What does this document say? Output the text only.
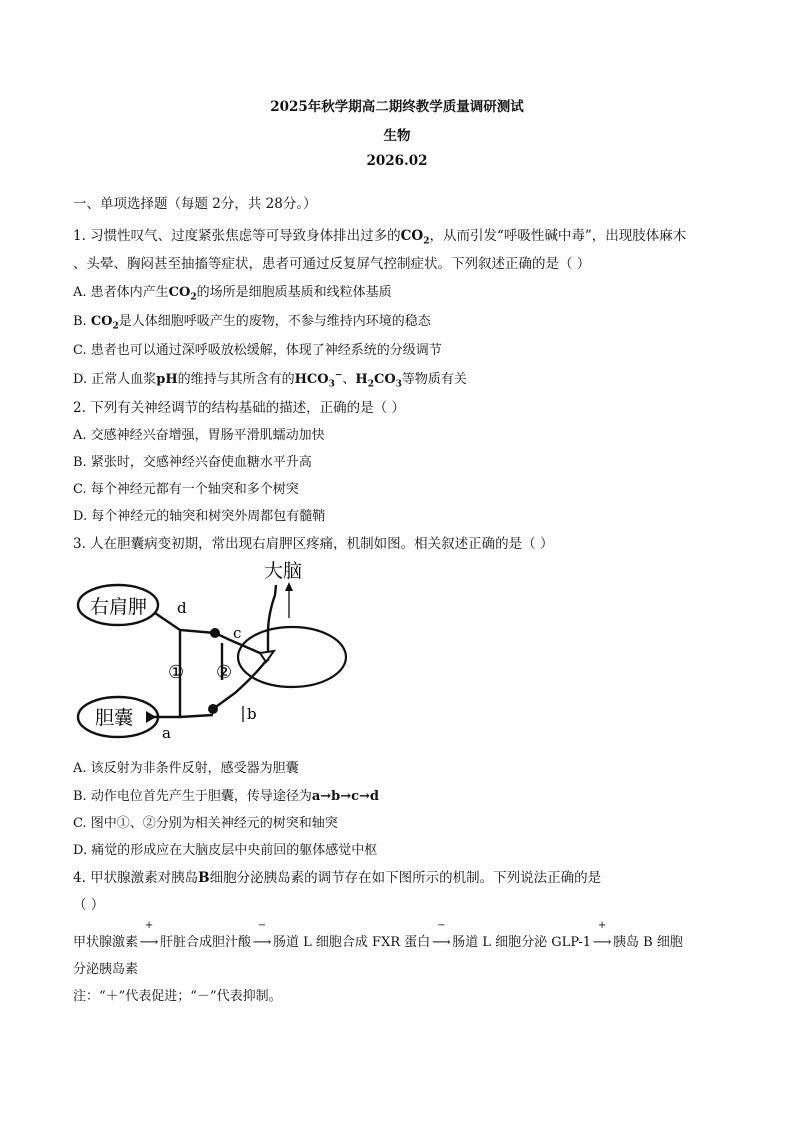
2025年秋学期高二期终教学质量调研测试
生物
2026.02
一、单项选择题（每题 2分，共 28分。）
1. 习惯性叹气、过度紧张焦虑等可导致身体排出过多的$CO_2$，从而引发“呼吸性碱中毒”，出现肢体麻木
、头晕、胸闷甚至抽搐等症状，患者可通过反复屏气控制症状。下列叙述正确的是（ ）
A. 患者体内产生$CO_2$的场所是细胞质基质和线粒体基质
B. $CO_2$是人体细胞呼吸产生的废物，不参与维持内环境的稳态
C. 患者也可以通过深呼吸放松缓解，体现了神经系统的分级调节
D. 正常人血浆pH的维持与其所含有的$HCO_3^-$、$H_2CO_3$等物质有关
2. 下列有关神经调节的结构基础的描述，正确的是（ ）
A. 交感神经兴奋增强，胃肠平滑肌蠕动加快
B. 紧张时，交感神经兴奋使血糖水平升高
C. 每个神经元都有一个轴突和多个树突
D. 每个神经元的轴突和树突外周都包有髓鞘
3. 人在胆囊病变初期，常出现右肩胛区疼痛，机制如图。相关叙述正确的是（ ）
大脑
右肩胛
胆囊
d
①
c
②
a
b
A. 该反射为非条件反射，感受器为胆囊
B. 动作电位首先产生于胆囊，传导途径为a→b→c→d
C. 图中①、②分别为相关神经元的树突和轴突
D. 痛觉的形成应在大脑皮层中央前回的躯体感觉中枢
4. 甲状腺激素对胰岛B细胞分泌胰岛素的调节存在如下图所示的机制。下列说法正确的是
（ ）
甲状腺激素
+
⟶ 肝脏合成胆汁酸
−
⟶ 肠道 L 细胞合成 FXR 蛋白
−
⟶ 肠道 L 细胞分泌 GLP-1
+
⟶ 胰岛 B 细胞
分泌胰岛素
注：“＋”代表促进；“－”代表抑制。
